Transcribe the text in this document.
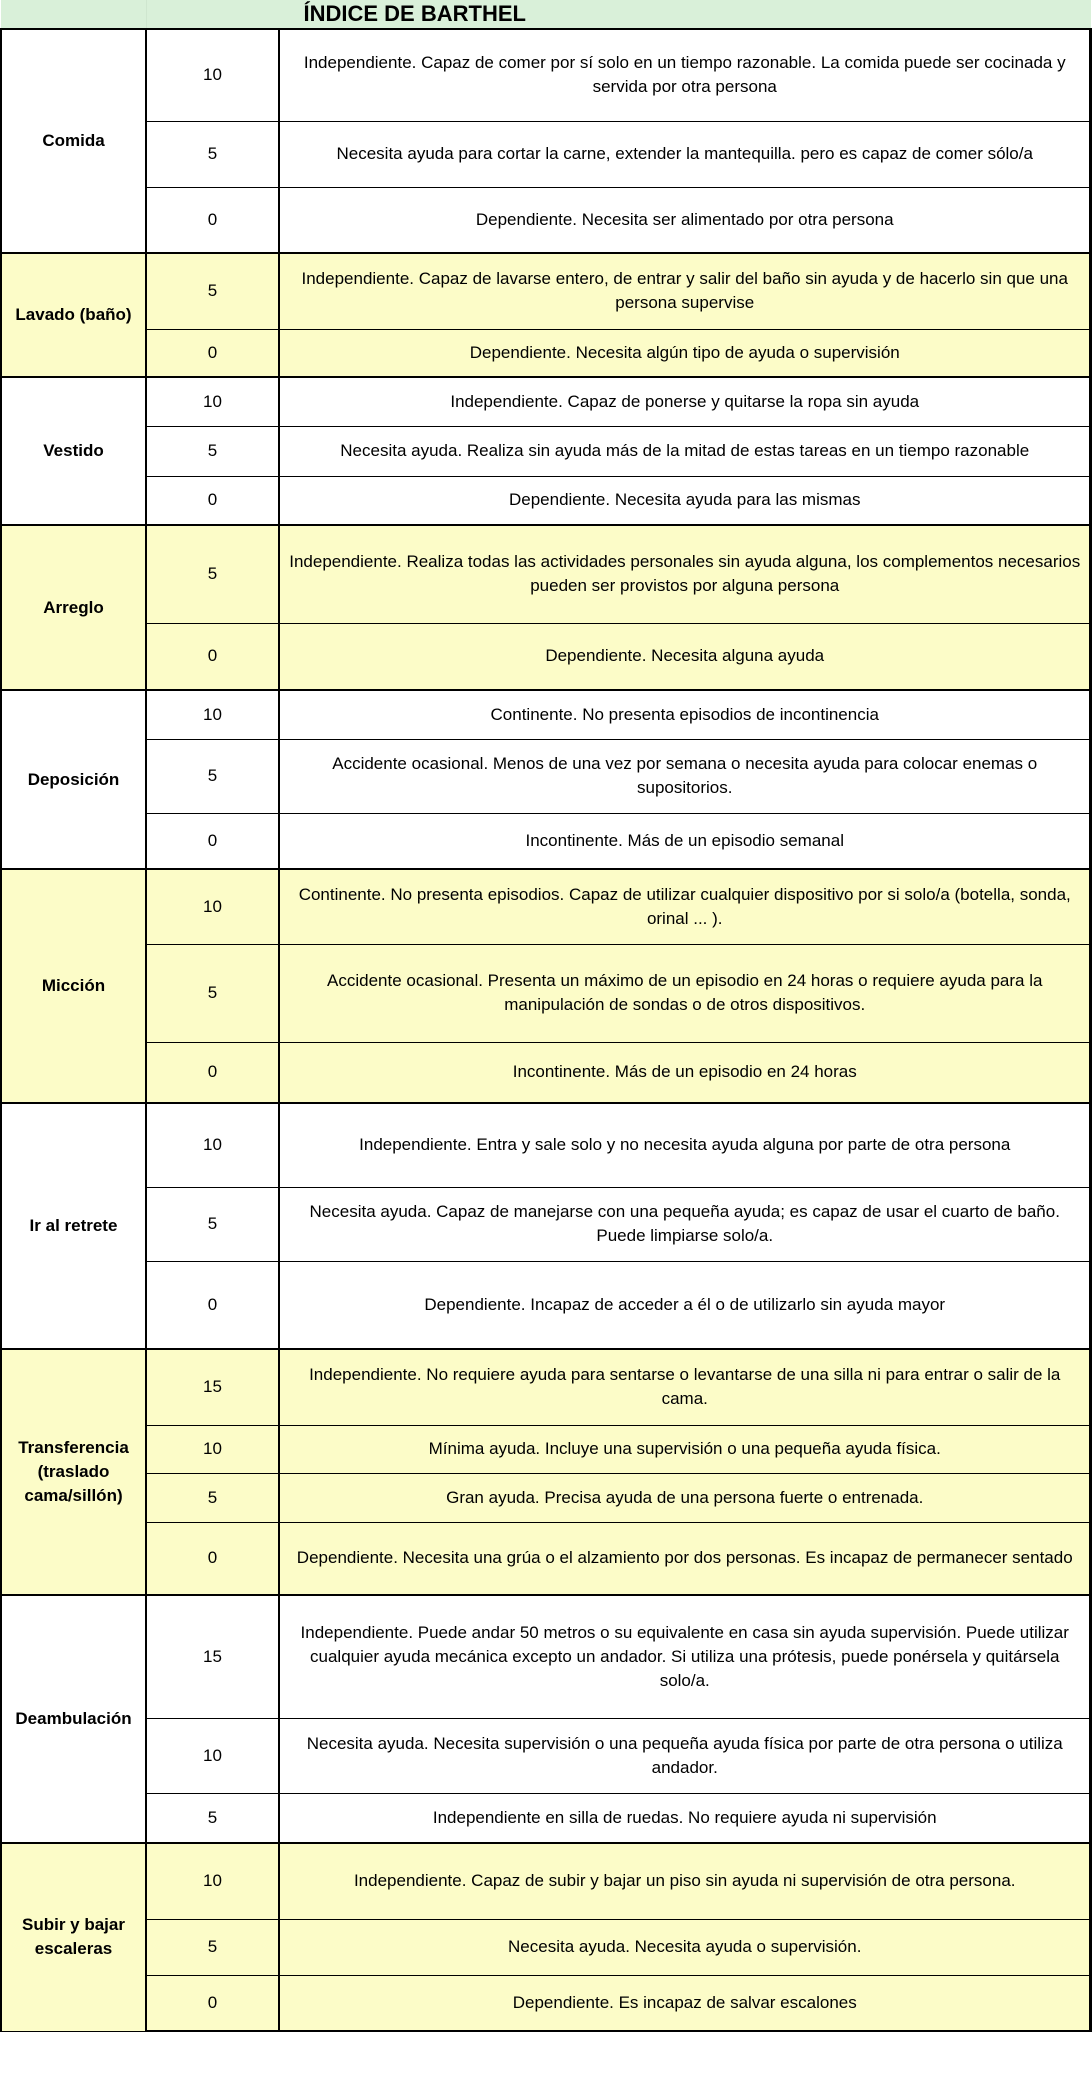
	ÍNDICE DE BARTHEL

Comida	10	Independiente. Capaz de comer por sí solo en un tiempo razonable. La comida puede ser cocinada y servida por otra persona
5	Necesita ayuda para cortar la carne, extender la mantequilla. pero es capaz de comer sólo/a
0	Dependiente. Necesita ser alimentado por otra persona
Lavado (baño)	5	Independiente. Capaz de lavarse entero, de entrar y salir del baño sin ayuda y de hacerlo sin que una persona supervise
0	Dependiente. Necesita algún tipo de ayuda o supervisión
Vestido	10	Independiente. Capaz de ponerse y quitarse la ropa sin ayuda
5	Necesita ayuda. Realiza sin ayuda más de la mitad de estas tareas en un tiempo razonable
0	Dependiente. Necesita ayuda para las mismas
Arreglo	5	Independiente. Realiza todas las actividades personales sin ayuda alguna, los complementos necesarios pueden ser provistos por alguna persona
0	Dependiente. Necesita alguna ayuda
Deposición	10	Continente. No presenta episodios de incontinencia
5	Accidente ocasional. Menos de una vez por semana o necesita ayuda para colocar enemas o supositorios.
0	Incontinente. Más de un episodio semanal
Micción	10	Continente. No presenta episodios. Capaz de utilizar cualquier dispositivo por si solo/a (botella, sonda, orinal ... ).
5	Accidente ocasional. Presenta un máximo de un episodio en 24 horas o requiere ayuda para la manipulación de sondas o de otros dispositivos.
0	Incontinente. Más de un episodio en 24 horas
Ir al retrete	10	Independiente. Entra y sale solo y no necesita ayuda alguna por parte de otra persona
5	Necesita ayuda. Capaz de manejarse con una pequeña ayuda; es capaz de usar el cuarto de baño. Puede limpiarse solo/a.
0	Dependiente. Incapaz de acceder a él o de utilizarlo sin ayuda mayor
Transferencia (traslado cama/sillón)	15	Independiente. No requiere ayuda para sentarse o levantarse de una silla ni para entrar o salir de la cama.
10	Mínima ayuda. Incluye una supervisión o una pequeña ayuda física.
5	Gran ayuda. Precisa ayuda de una persona fuerte o entrenada.
0	Dependiente. Necesita una grúa o el alzamiento por dos personas. Es incapaz de permanecer sentado
Deambulación	15	Independiente. Puede andar 50 metros o su equivalente en casa sin ayuda supervisión. Puede utilizar cualquier ayuda mecánica excepto un andador. Si utiliza una prótesis, puede ponérsela y quitársela solo/a.
10	Necesita ayuda. Necesita supervisión o una pequeña ayuda física por parte de otra persona o utiliza andador.
5	Independiente en silla de ruedas. No requiere ayuda ni supervisión
Subir y bajar escaleras	10	Independiente. Capaz de subir y bajar un piso sin ayuda ni supervisión de otra persona.
5	Necesita ayuda. Necesita ayuda o supervisión.
0	Dependiente. Es incapaz de salvar escalones
